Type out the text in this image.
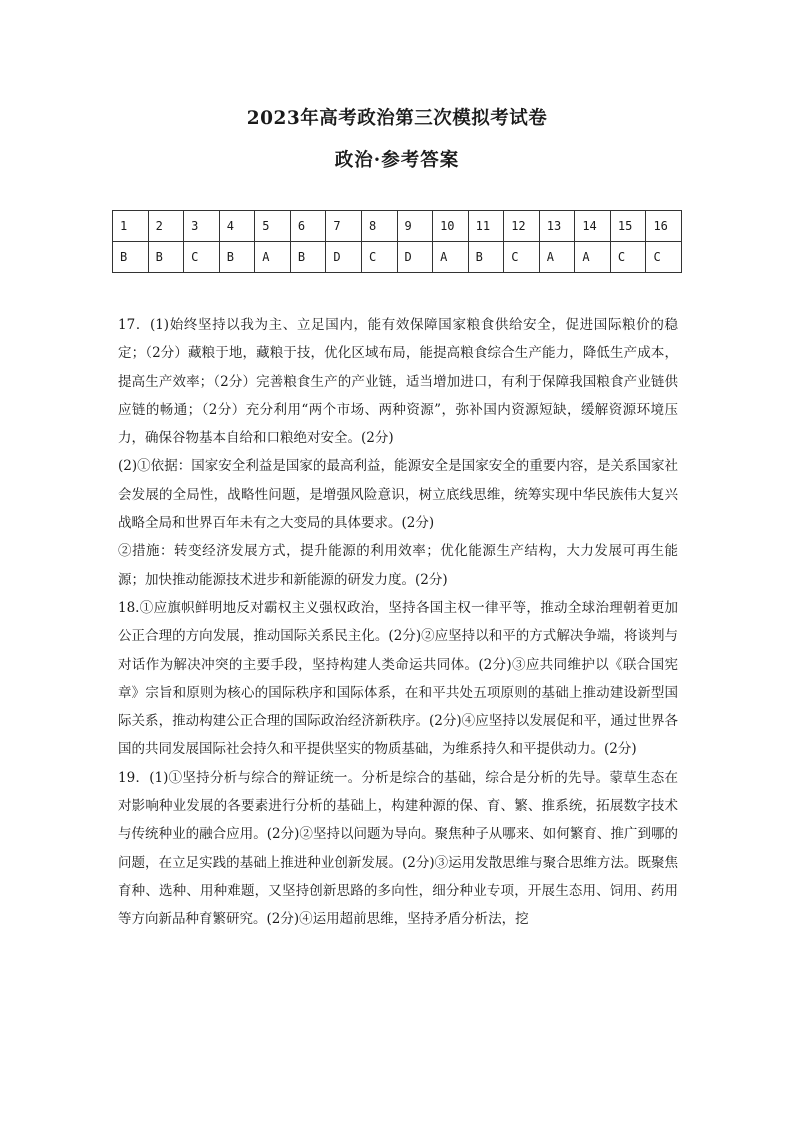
2023年高考政治第三次模拟考试卷
政治·参考答案
1	2	3	4	5	6	7	8	9	10	11	12	13	14	15	16
B	B	C	B	A	B	D	C	D	A	B	C	A	A	C	C

17．(1)始终坚持以我为主、立足国内，能有效保障国家粮食供给安全，促进国际粮价的稳定；（2分）藏粮于地，藏粮于技，优化区域布局，能提高粮食综合生产能力，降低生产成本，提高生产效率；（2分）完善粮食生产的产业链，适当增加进口，有利于保障我国粮食产业链供应链的畅通；（2分）充分利用“两个市场、两种资源”，弥补国内资源短缺，缓解资源环境压力，确保谷物基本自给和口粮绝对安全。(2分)

(2)①依据：国家安全利益是国家的最高利益，能源安全是国家安全的重要内容，是关系国家社会发展的全局性，战略性问题，是增强风险意识，树立底线思维，统筹实现中华民族伟大复兴战略全局和世界百年未有之大变局的具体要求。(2分)

②措施：转变经济发展方式，提升能源的利用效率；优化能源生产结构，大力发展可再生能源；加快推动能源技术进步和新能源的研发力度。(2分)

18.①应旗帜鲜明地反对霸权主义强权政治，坚持各国主权一律平等，推动全球治理朝着更加公正合理的方向发展，推动国际关系民主化。(2分)②应坚持以和平的方式解决争端，将谈判与对话作为解决冲突的主要手段，坚持构建人类命运共同体。(2分)③应共同维护以《联合国宪章》宗旨和原则为核心的国际秩序和国际体系，在和平共处五项原则的基础上推动建设新型国际关系，推动构建公正合理的国际政治经济新秩序。(2分)④应坚持以发展促和平，通过世界各国的共同发展国际社会持久和平提供坚实的物质基础，为维系持久和平提供动力。(2分)

19．(1)①坚持分析与综合的辩证统一。分析是综合的基础，综合是分析的先导。蒙草生态在对影响种业发展的各要素进行分析的基础上，构建种源的保、育、繁、推系统，拓展数字技术与传统种业的融合应用。(2分)②坚持以问题为导向。聚焦种子从哪来、如何繁育、推广到哪的问题，在立足实践的基础上推进种业创新发展。(2分)③运用发散思维与聚合思维方法。既聚焦育种、选种、用种难题，又坚持创新思路的多向性，细分种业专项，开展生态用、饲用、药用等方向新品种育繁研究。(2分)④运用超前思维，坚持矛盾分析法，挖
